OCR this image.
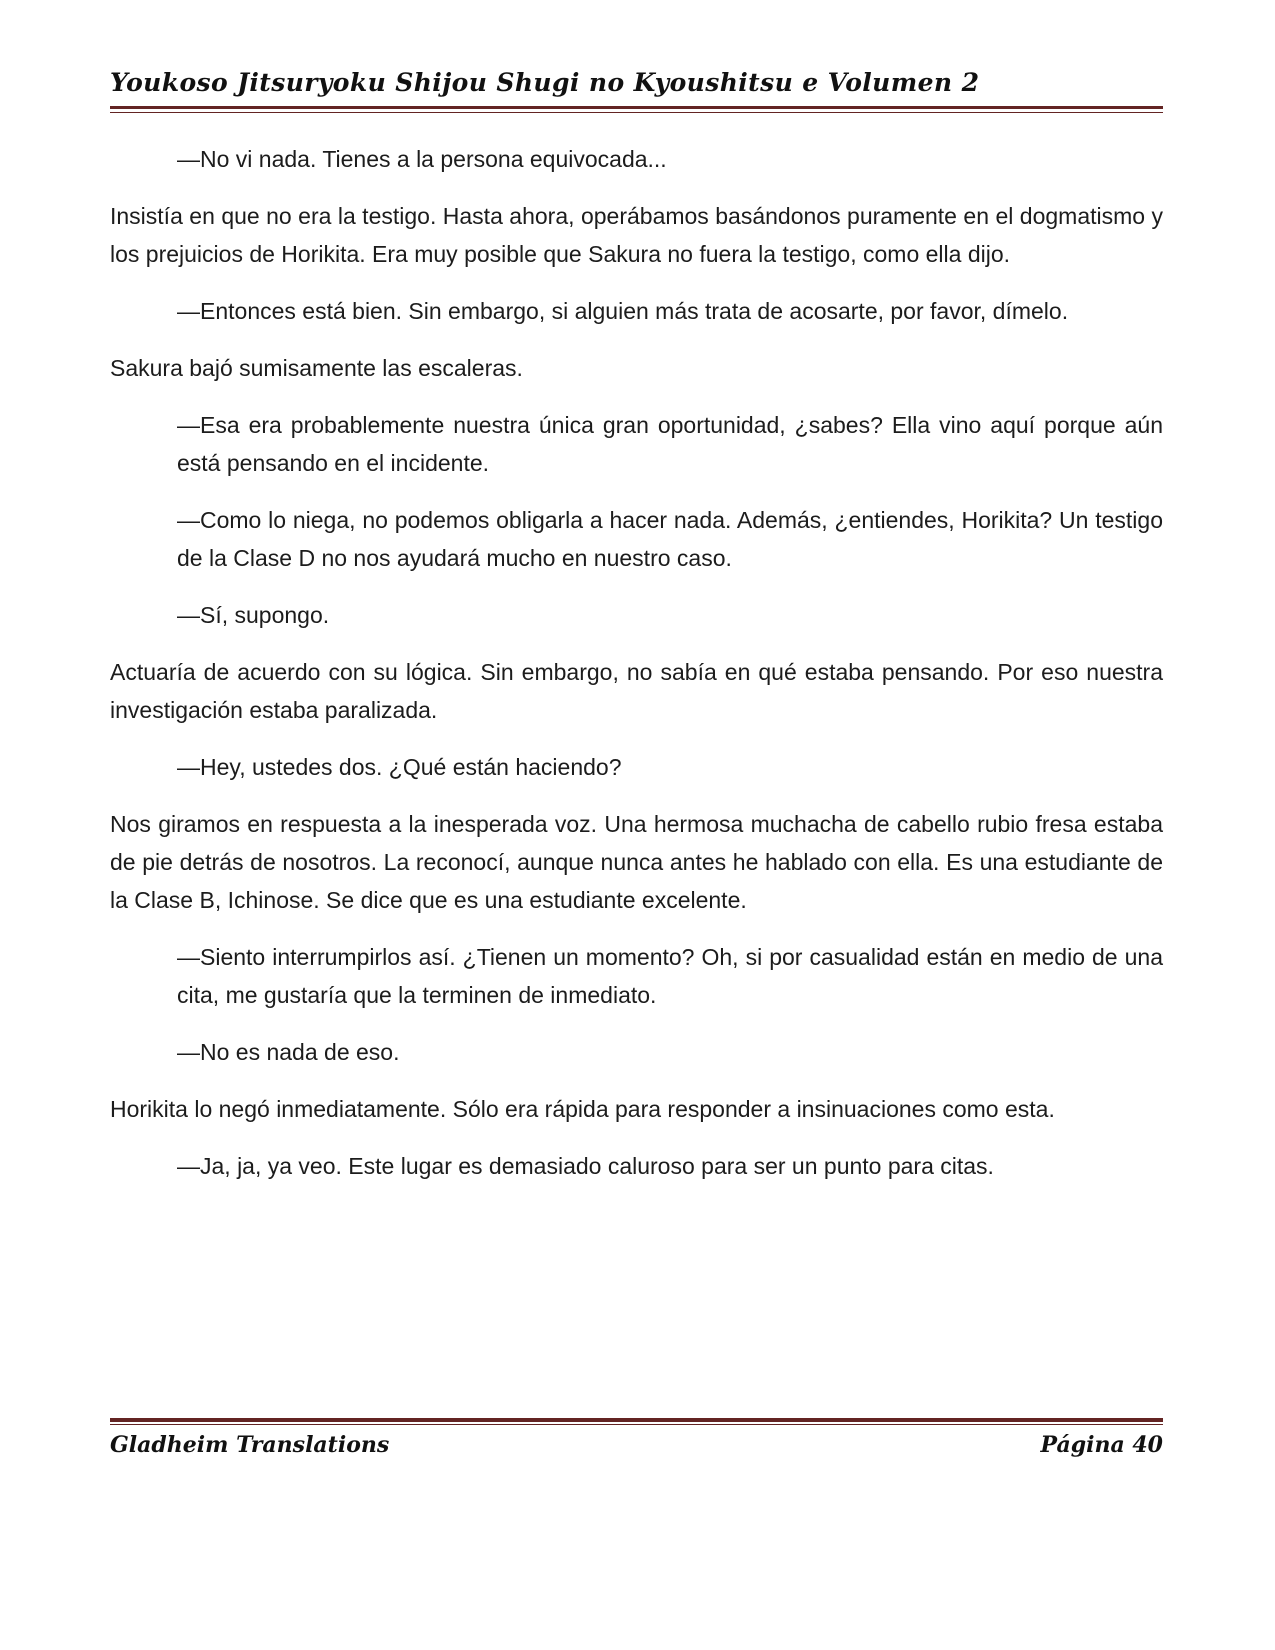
Youkoso Jitsuryoku Shijou Shugi no Kyoushitsu e Volumen 2

—No vi nada. Tienes a la persona equivocada...

Insistía en que no era la testigo. Hasta ahora, operábamos basándonos puramente en el dogmatismo y los prejuicios de Horikita. Era muy posible que Sakura no fuera la testigo, como ella dijo.

—Entonces está bien. Sin embargo, si alguien más trata de acosarte, por favor, dímelo.

Sakura bajó sumisamente las escaleras.

—Esa era probablemente nuestra única gran oportunidad, ¿sabes? Ella vino aquí porque aún está pensando en el incidente.

—Como lo niega, no podemos obligarla a hacer nada. Además, ¿entiendes, Horikita? Un testigo de la Clase D no nos ayudará mucho en nuestro caso.

—Sí, supongo.

Actuaría de acuerdo con su lógica. Sin embargo, no sabía en qué estaba pensando. Por eso nuestra investigación estaba paralizada.

—Hey, ustedes dos. ¿Qué están haciendo?

Nos giramos en respuesta a la inesperada voz. Una hermosa muchacha de cabello rubio fresa estaba de pie detrás de nosotros. La reconocí, aunque nunca antes he hablado con ella. Es una estudiante de la Clase B, Ichinose. Se dice que es una estudiante excelente.

—Siento interrumpirlos así. ¿Tienen un momento? Oh, si por casualidad están en medio de una cita, me gustaría que la terminen de inmediato.

—No es nada de eso.

Horikita lo negó inmediatamente. Sólo era rápida para responder a insinuaciones como esta.

—Ja, ja, ya veo. Este lugar es demasiado caluroso para ser un punto para citas.

Gladheim Translations	Página 40
